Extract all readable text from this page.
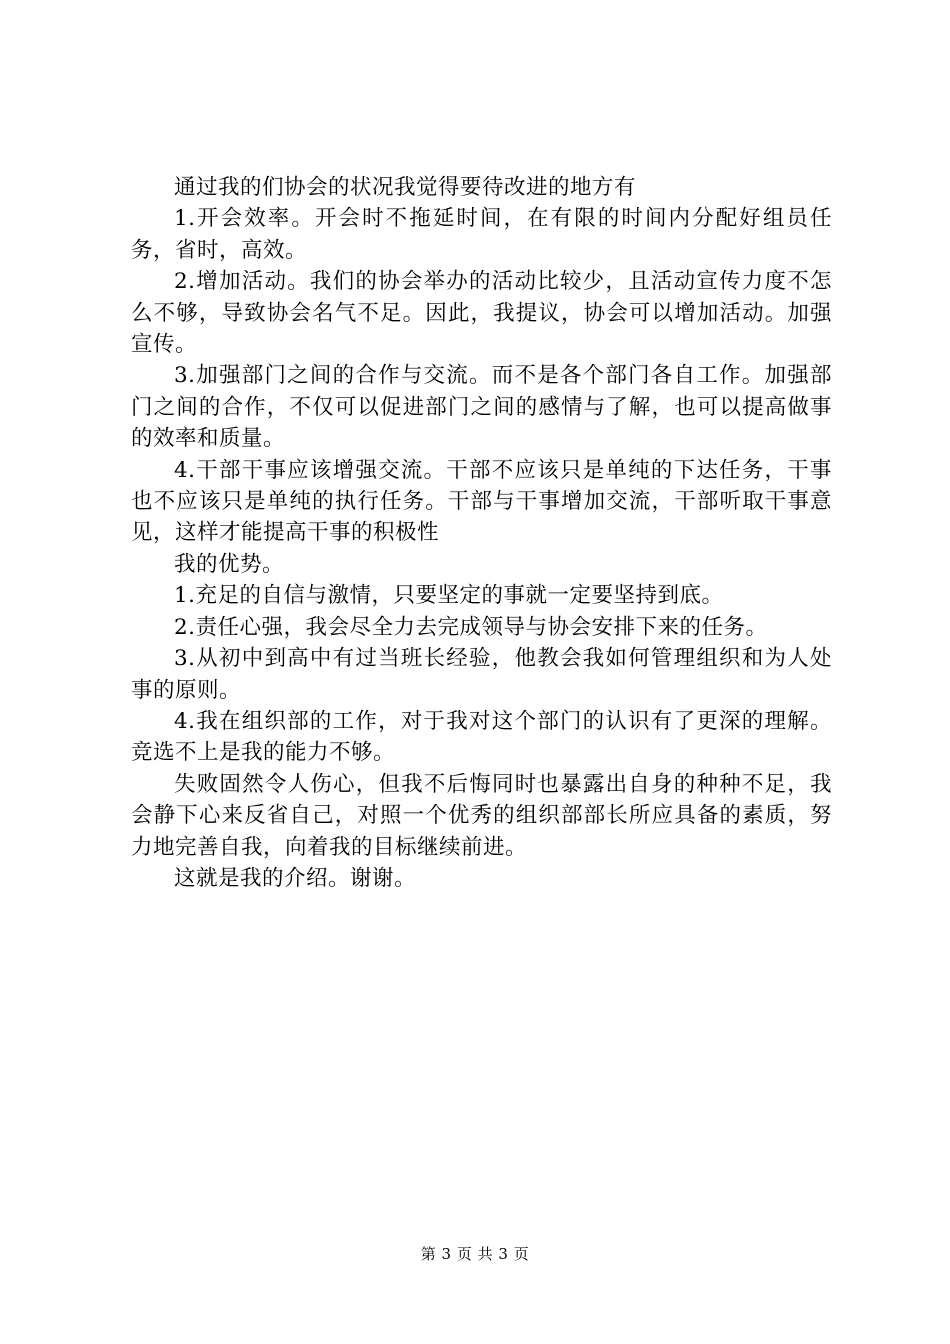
通过我的们协会的状况我觉得要待改进的地方有

1.开会效率。开会时不拖延时间，在有限的时间内分配好组员任务，省时，高效。

2.增加活动。我们的协会举办的活动比较少，且活动宣传力度不怎么不够，导致协会名气不足。因此，我提议，协会可以增加活动。加强宣传。

3.加强部门之间的合作与交流。而不是各个部门各自工作。加强部门之间的合作，不仅可以促进部门之间的感情与了解，也可以提高做事的效率和质量。

4.干部干事应该增强交流。干部不应该只是单纯的下达任务，干事也不应该只是单纯的执行任务。干部与干事增加交流，干部听取干事意见，这样才能提高干事的积极性

我的优势。

1.充足的自信与激情，只要坚定的事就一定要坚持到底。

2.责任心强，我会尽全力去完成领导与协会安排下来的任务。

3.从初中到高中有过当班长经验，他教会我如何管理组织和为人处事的原则。

4.我在组织部的工作，对于我对这个部门的认识有了更深的理解。竞选不上是我的能力不够。

失败固然令人伤心，但我不后悔同时也暴露出自身的种种不足，我会静下心来反省自己，对照一个优秀的组织部部长所应具备的素质，努力地完善自我，向着我的目标继续前进。

这就是我的介绍。谢谢。

第 3 页 共 3 页
